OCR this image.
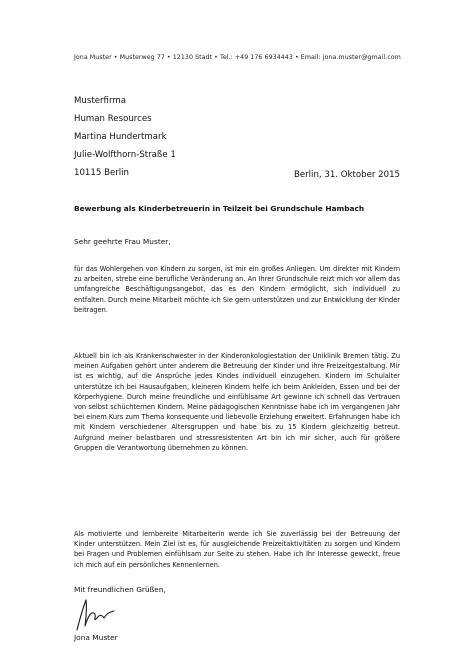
Jona Muster • Musterweg 77 • 12130 Stadt • Tel.: +49 176 6934443 • Email: jona.muster@gmail.com
Musterfirma
Human Resources
Martina Hundertmark
Julie-Wolfthorn-Straße 1
10115 Berlin	Berlin, 31. Oktober 2015
Bewerbung als Kinderbetreuerin in Teilzeit bei Grundschule Hambach
Sehr geehrte Frau Muster,

für das Wohlergehen von Kindern zu sorgen, ist mir ein großes Anliegen. Um direkter mit Kindern zu arbeiten, strebe eine berufliche Veränderung an. An Ihrer Grundschule reizt mich vor allem das umfangreiche Beschäftigungsangebot, das es den Kindern ermöglicht, sich individuell zu entfalten. Durch meine Mitarbeit möchte ich Sie gern unterstützen und zur Entwicklung der Kinder beitragen.

Aktuell bin ich als Krankenschwester in der Kinderonkologiestation der Uniklinik Bremen tätig. Zu meinen Aufgaben gehört unter anderem die Betreuung der Kinder und ihre Freizeitgestaltung. Mir ist es wichtig, auf die Ansprüche jedes Kindes individuell einzugehen. Kindern im Schulalter unterstütze ich bei Hausaufgaben, kleineren Kindern helfe ich beim Ankleiden, Essen und bei der Körperhygiene. Durch meine freundliche und einfühlsame Art gewinne ich schnell das Vertrauen von selbst schüchternen Kindern. Meine pädagogischen Kenntnisse habe ich im vergangenen Jahr bei einem Kurs zum Thema konsequente und liebevolle Erziehung erweitert. Erfahrungen habe ich mit Kindern verschiedener Altersgruppen und habe bis zu 15 Kindern gleichzeitig betreut. Aufgrund meiner belastbaren und stressresistenten Art bin ich mir sicher, auch für größere Gruppen die Verantwortung übernehmen zu können.

Als motivierte und lernbereite Mitarbeiterin werde ich Sie zuverlässig bei der Betreuung der Kinder unterstützen. Mein Ziel ist es, für ausgleichende Freizeitaktivitäten zu sorgen und Kindern bei Fragen und Problemen einfühlsam zur Seite zu stehen. Habe ich Ihr Interesse geweckt, freue ich mich auf ein persönliches Kennenlernen.

Mit freundlichen Grüßen,
Jona Muster
